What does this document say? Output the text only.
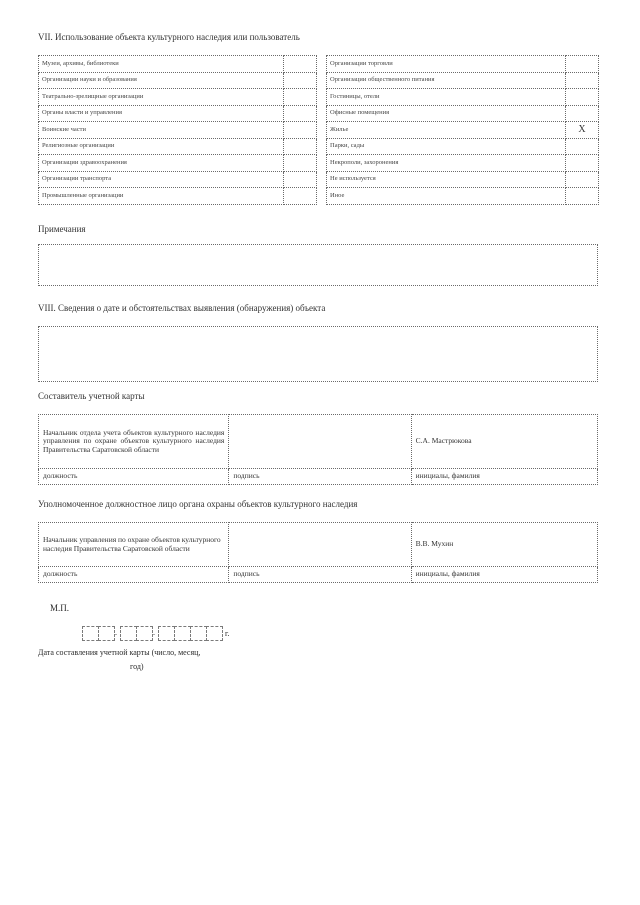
VII. Использование объекта культурного наследия или пользователь
Музеи, архивы, библиотеки			Организации торговли	
Организации науки и образования			Организации общественного питания	
Театрально-зрелищные организации			Гостиницы, отели	
Органы власти и управления			Офисные помещения	
Воинские части			Жилье	X
Религиозные организации			Парки, сады	
Организации здравоохранения			Некрополи, захоронения	
Организации транспорта			Не используется	
Промышленные организации			Иное	
Примечания
VIII. Сведения о дате и обстоятельствах выявления (обнаружения) объекта
Составитель учетной карты
Начальник отдела учета объектов культурного наследия управления по охране объектов культурного наследия Правительства Саратовской области		С.А. Мастрюкова
должность	подпись	инициалы, фамилия
Уполномоченное должностное лицо органа охраны объектов культурного наследия
Начальник управления по охране объектов культурного наследия Правительства Саратовской области		В.В. Мухин
должность	подпись	инициалы, фамилия
М.П.
.	.	г.
Дата составления учетной карты (число, месяц,
год)
